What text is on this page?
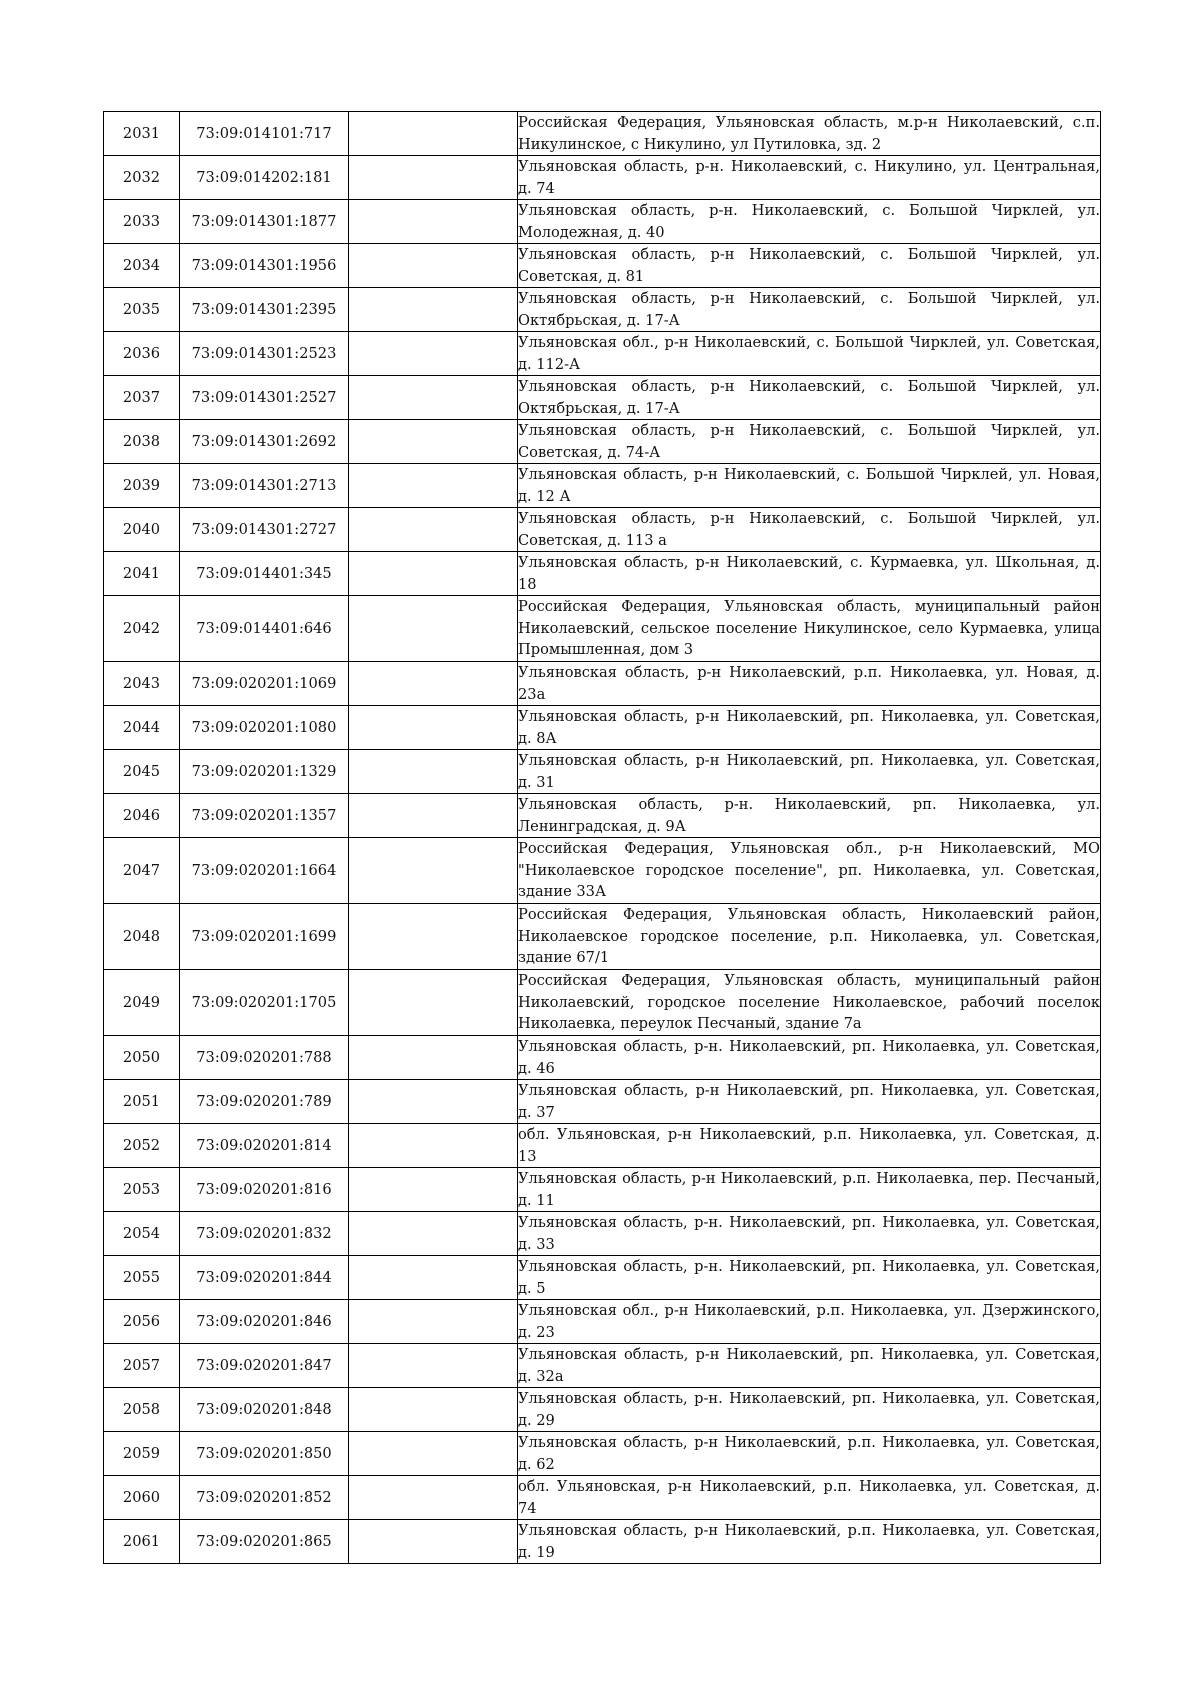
2031	73:09:014101:717		Российская Федерация, Ульяновская область, м.р-н Николаевский, с.п. Никулинское, с Никулино, ул Путиловка, зд. 2
2032	73:09:014202:181		Ульяновская область, р-н. Николаевский, с. Никулино, ул. Центральная, д. 74
2033	73:09:014301:1877		Ульяновская область, р-н. Николаевский, с. Большой Чирклей, ул. Молодежная, д. 40
2034	73:09:014301:1956		Ульяновская область, р-н Николаевский, с. Большой Чирклей, ул. Советская, д. 81
2035	73:09:014301:2395		Ульяновская область, р-н Николаевский, с. Большой Чирклей, ул. Октябрьская, д. 17-А
2036	73:09:014301:2523		Ульяновская обл., р-н Николаевский, с. Большой Чирклей, ул. Советская, д. 112-А
2037	73:09:014301:2527		Ульяновская область, р-н Николаевский, с. Большой Чирклей, ул. Октябрьская, д. 17-А
2038	73:09:014301:2692		Ульяновская область, р-н Николаевский, с. Большой Чирклей, ул. Советская, д. 74-А
2039	73:09:014301:2713		Ульяновская область, р-н Николаевский, с. Большой Чирклей, ул. Новая, д. 12 А
2040	73:09:014301:2727		Ульяновская область, р-н Николаевский, с. Большой Чирклей, ул. Советская, д. 113 а
2041	73:09:014401:345		Ульяновская область, р-н Николаевский, с. Курмаевка, ул. Школьная, д. 18
2042	73:09:014401:646		Российская Федерация, Ульяновская область, муниципальный район Николаевский, сельское поселение Никулинское, село Курмаевка, улица Промышленная, дом 3
2043	73:09:020201:1069		Ульяновская область, р-н Николаевский, р.п. Николаевка, ул. Новая, д. 23а
2044	73:09:020201:1080		Ульяновская область, р-н Николаевский, рп. Николаевка, ул. Советская, д. 8А
2045	73:09:020201:1329		Ульяновская область, р-н Николаевский, рп. Николаевка, ул. Советская, д. 31
2046	73:09:020201:1357		Ульяновская область, р-н. Николаевский, рп. Николаевка, ул. Ленинградская, д. 9А
2047	73:09:020201:1664		Российская Федерация, Ульяновская обл., р-н Николаевский, МО "Николаевское городское поселение", рп. Николаевка, ул. Советская, здание 33А
2048	73:09:020201:1699		Российская Федерация, Ульяновская область, Николаевский район, Николаевское городское поселение, р.п. Николаевка, ул. Советская, здание 67/1
2049	73:09:020201:1705		Российская Федерация, Ульяновская область, муниципальный район Николаевский, городское поселение Николаевское, рабочий поселок Николаевка, переулок Песчаный, здание 7а
2050	73:09:020201:788		Ульяновская область, р-н. Николаевский, рп. Николаевка, ул. Советская, д. 46
2051	73:09:020201:789		Ульяновская область, р-н Николаевский, рп. Николаевка, ул. Советская, д. 37
2052	73:09:020201:814		обл. Ульяновская, р-н Николаевский, р.п. Николаевка, ул. Советская, д. 13
2053	73:09:020201:816		Ульяновская область, р-н Николаевский, р.п. Николаевка, пер. Песчаный, д. 11
2054	73:09:020201:832		Ульяновская область, р-н. Николаевский, рп. Николаевка, ул. Советская, д. 33
2055	73:09:020201:844		Ульяновская область, р-н. Николаевский, рп. Николаевка, ул. Советская, д. 5
2056	73:09:020201:846		Ульяновская обл., р-н Николаевский, р.п. Николаевка, ул. Дзержинского, д. 23
2057	73:09:020201:847		Ульяновская область, р-н Николаевский, рп. Николаевка, ул. Советская, д. 32а
2058	73:09:020201:848		Ульяновская область, р-н. Николаевский, рп. Николаевка, ул. Советская, д. 29
2059	73:09:020201:850		Ульяновская область, р-н Николаевский, р.п. Николаевка, ул. Советская, д. 62
2060	73:09:020201:852		обл. Ульяновская, р-н Николаевский, р.п. Николаевка, ул. Советская, д. 74
2061	73:09:020201:865		Ульяновская область, р-н Николаевский, р.п. Николаевка, ул. Советская, д. 19
